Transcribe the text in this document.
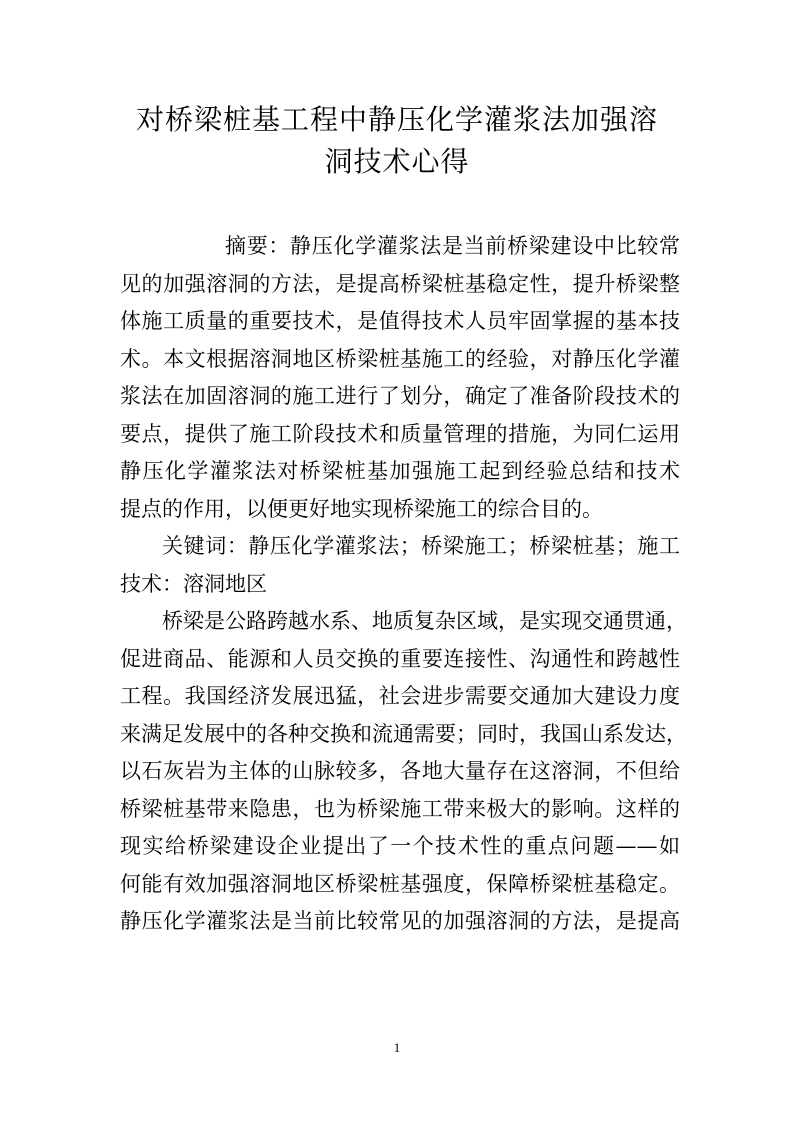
对桥梁桩基工程中静压化学灌浆法加强溶
洞技术心得
摘要：静压化学灌浆法是当前桥梁建设中比较常
见的加强溶洞的方法，是提高桥梁桩基稳定性，提升桥梁整
体施工质量的重要技术，是值得技术人员牢固掌握的基本技
术。本文根据溶洞地区桥梁桩基施工的经验，对静压化学灌
浆法在加固溶洞的施工进行了划分，确定了准备阶段技术的
要点，提供了施工阶段技术和质量管理的措施，为同仁运用
静压化学灌浆法对桥梁桩基加强施工起到经验总结和技术
提点的作用，以便更好地实现桥梁施工的综合目的。
关键词：静压化学灌浆法；桥梁施工；桥梁桩基；施工
技术：溶洞地区
桥梁是公路跨越水系、地质复杂区域，是实现交通贯通，
促进商品、能源和人员交换的重要连接性、沟通性和跨越性
工程。我国经济发展迅猛，社会进步需要交通加大建设力度
来满足发展中的各种交换和流通需要；同时，我国山系发达，
以石灰岩为主体的山脉较多，各地大量存在这溶洞，不但给
桥梁桩基带来隐患，也为桥梁施工带来极大的影响。这样的
现实给桥梁建设企业提出了一个技术性的重点问题——如
何能有效加强溶洞地区桥梁桩基强度，保障桥梁桩基稳定。
静压化学灌浆法是当前比较常见的加强溶洞的方法，是提高
1
